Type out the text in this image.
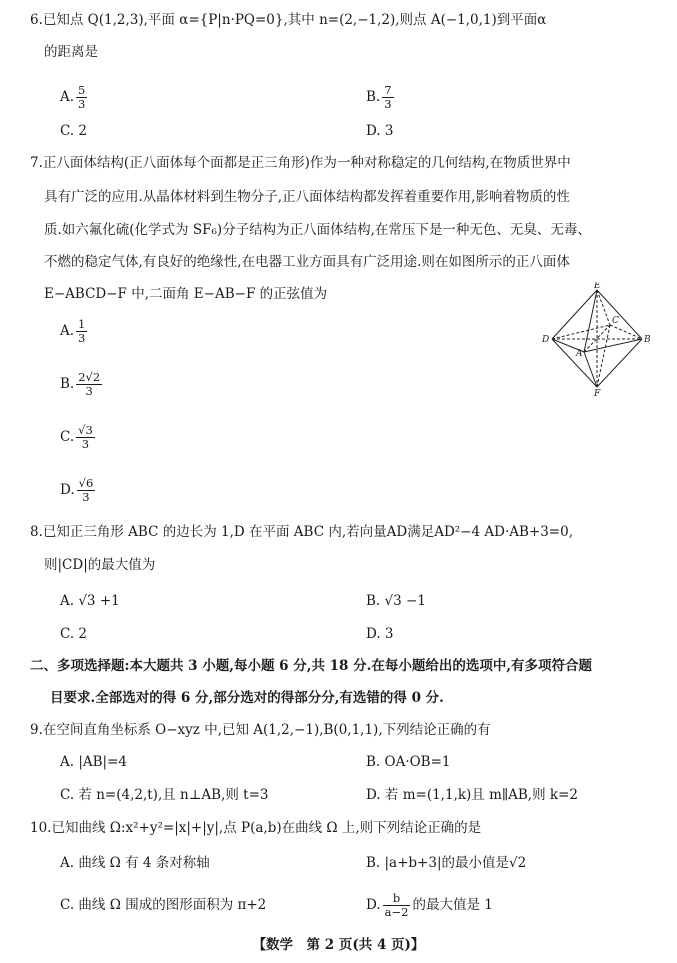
6.已知点 Q(1,2,3),平面 α={P|n·PQ=0},其中 n=(2,−1,2),则点 A(−1,0,1)到平面α
的距离是
A. $\frac{5}{3}$	B. $\frac{7}{3}$
C. 2	D. 3
7.正八面体结构(正八面体每个面都是正三角形)作为一种对称稳定的几何结构,在物质世界中
具有广泛的应用.从晶体材料到生物分子,正八面体结构都发挥着重要作用,影响着物质的性
质.如六氟化硫(化学式为 SF₆)分子结构为正八面体结构,在常压下是一种无色、无臭、无毒、
不燃的稳定气体,有良好的绝缘性,在电器工业方面具有广泛用途.则在如图所示的正八面体
E−ABCD−F 中,二面角 E−AB−F 的正弦值为
A. $\frac{1}{3}$
B. $\frac{2√2}{3}$
C. $\frac{√3}{3}$
D. $\frac{√6}{3}$
E
C
D	B
A
F
8.已知正三角形 ABC 的边长为 1,D 在平面 ABC 内,若向量AD满足AD²−4 AD·AB+3=0,
则|CD|的最大值为
A. √3 +1	B. √3 −1
C. 2	D. 3
二、多项选择题:本大题共 3 小题,每小题 6 分,共 18 分.在每小题给出的选项中,有多项符合题
目要求.全部选对的得 6 分,部分选对的得部分分,有选错的得 0 分.
9.在空间直角坐标系 O−xyz 中,已知 A(1,2,−1),B(0,1,1),下列结论正确的有
A. |AB|=4	B. OA·OB=1
C. 若 n=(4,2,t),且 n⊥AB,则 t=3	D. 若 m=(1,1,k)且 m∥AB,则 k=2
10.已知曲线 Ω:x²+y²=|x|+|y|,点 P(a,b)在曲线 Ω 上,则下列结论正确的是
A. 曲线 Ω 有 4 条对称轴	B. |a+b+3|的最小值是√2
C. 曲线 Ω 围成的图形面积为 π+2	D. $\frac{b}{a-2}$ 的最大值是 1
【数学　第 2 页(共 4 页)】
